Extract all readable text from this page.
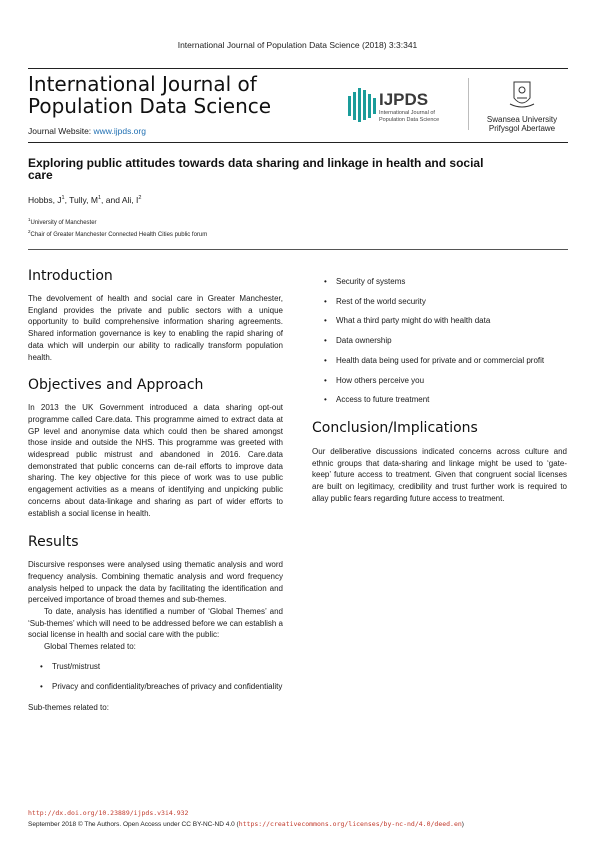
International Journal of Population Data Science (2018) 3:3:341
International Journal of
Population Data Science
Journal Website: www.ijpds.org
IJPDS
International Journal of
Population Data Science	Swansea University
Prifysgol Abertawe
Exploring public attitudes towards data sharing and linkage in health and social
care
Hobbs, $J^1$, Tully, $M^1$, and Ali, $I^2$
$^1$University of Manchester
$^2$Chair of Greater Manchester Connected Health Cities public forum
Introduction

The devolvement of health and social care in Greater Manchester, England provides the private and public sectors with a unique opportunity to build comprehensive information sharing agreements. Shared information governance is key to enabling the rapid sharing of data which will underpin our ability to radically transform population health.

Objectives and Approach

In 2013 the UK Government introduced a data sharing opt-out programme called Care.data. This programme aimed to extract data at GP level and anonymise data which could then be shared amongst those inside and outside the NHS. This programme was greeted with widespread public mistrust and abandoned in 2016. Care.data demonstrated that public concerns can de-rail efforts to improve data sharing. The key objective for this piece of work was to use public engagement activities as a means of identifying and unpicking public concerns about data-linkage and sharing as part of wider efforts to establish a social license in health.

Results

Discursive responses were analysed using thematic analysis and word frequency analysis. Combining thematic analysis and word frequency analysis helped to unpack the data by facilitating the identification and perceived importance of broad themes and sub-themes.

To date, analysis has identified a number of ‘Global Themes’ and ‘Sub-themes’ which will need to be addressed before we can establish a social license in health and social care with the public:

Global Themes related to:

• Trust/mistrust
• Privacy and confidentiality/breaches of privacy and confidentiality

Sub-themes related to:

• Security of systems
• Rest of the world security
• What a third party might do with health data
• Data ownership
• Health data being used for private and or commercial profit
• How others perceive you
• Access to future treatment
Conclusion/Implications

Our deliberative discussions indicated concerns across culture and ethnic groups that data-sharing and linkage might be used to ‘gate-keep’ future access to treatment. Given that congruent social licenses are built on legitimacy, credibility and trust further work is required to allay public fears regarding future access to treatment.

http://dx.doi.org/10.23889/ijpds.v3i4.932
September 2018 © The Authors. Open Access under CC BY-NC-ND 4.0 (https://creativecommons.org/licenses/by-nc-nd/4.0/deed.en)
